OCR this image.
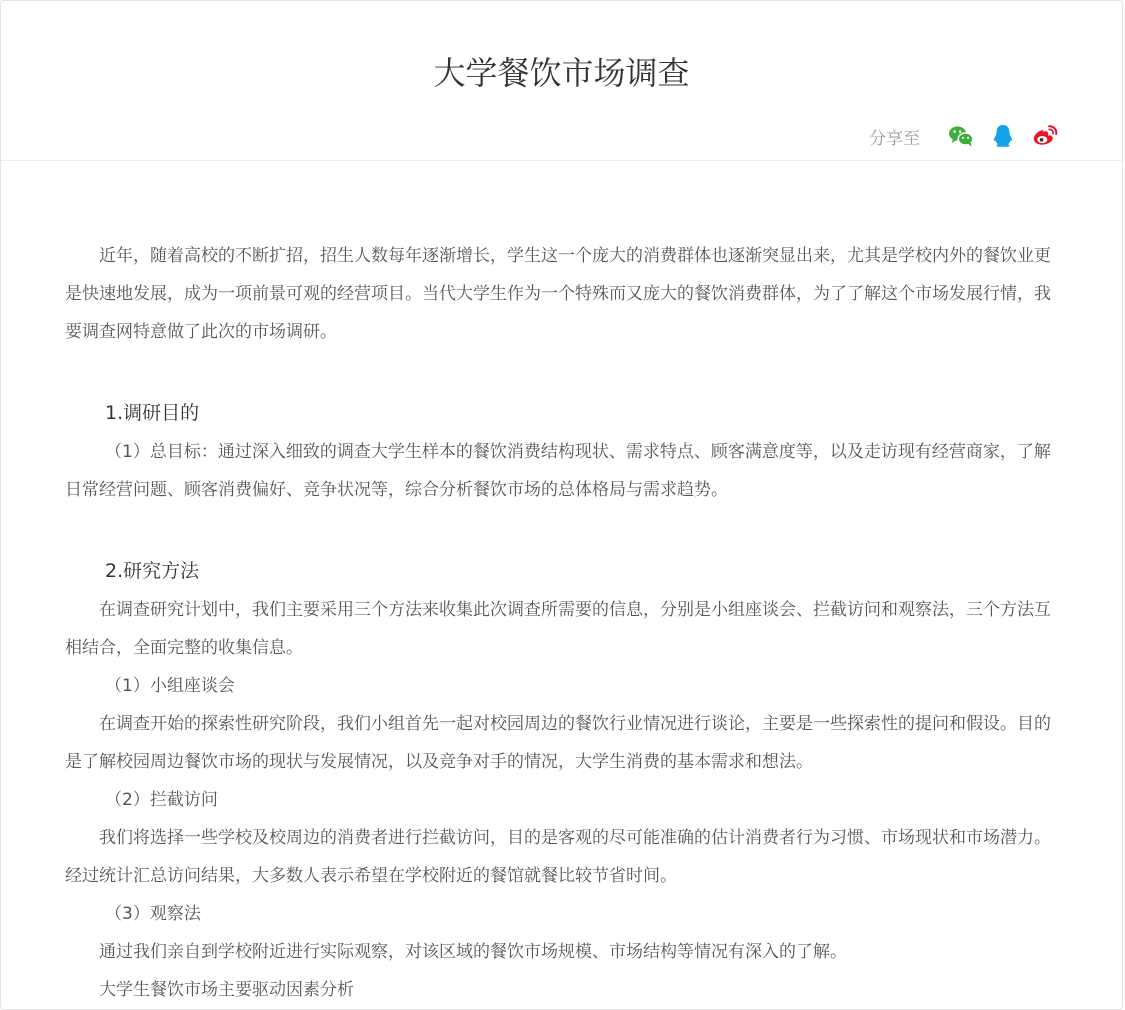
大学餐饮市场调查
分享至

近年，随着高校的不断扩招，招生人数每年逐渐增长，学生这一个庞大的消费群体也逐渐突显出来，尤其是学校内外的餐饮业更是快速地发展，成为一项前景可观的经营项目。当代大学生作为一个特殊而又庞大的餐饮消费群体，为了了解这个市场发展行情，我要调查网特意做了此次的市场调研。

1.调研目的

（1）总目标：通过深入细致的调查大学生样本的餐饮消费结构现状、需求特点、顾客满意度等，以及走访现有经营商家，了解日常经营问题、顾客消费偏好、竞争状况等，综合分析餐饮市场的总体格局与需求趋势。

2.研究方法

在调查研究计划中，我们主要采用三个方法来收集此次调查所需要的信息，分别是小组座谈会、拦截访问和观察法，三个方法互相结合，全面完整的收集信息。

（1）小组座谈会

在调查开始的探索性研究阶段，我们小组首先一起对校园周边的餐饮行业情况进行谈论，主要是一些探索性的提问和假设。目的是了解校园周边餐饮市场的现状与发展情况，以及竞争对手的情况，大学生消费的基本需求和想法。

（2）拦截访问

我们将选择一些学校及校周边的消费者进行拦截访问，目的是客观的尽可能准确的估计消费者行为习惯、市场现状和市场潜力。经过统计汇总访问结果，大多数人表示希望在学校附近的餐馆就餐比较节省时间。

（3）观察法

通过我们亲自到学校附近进行实际观察，对该区域的餐饮市场规模、市场结构等情况有深入的了解。

大学生餐饮市场主要驱动因素分析
